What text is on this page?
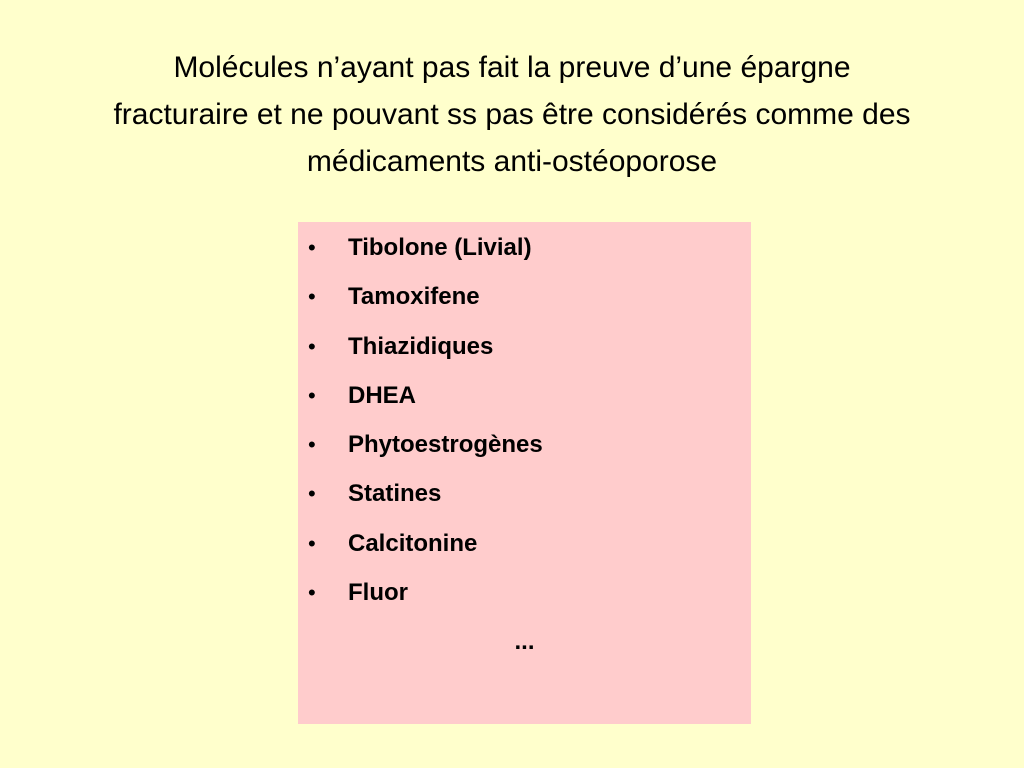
Molécules n’ayant pas fait la preuve d’une épargne
fracturaire et ne pouvant ss pas être considérés comme des
médicaments anti-ostéoporose
•	Tibolone (Livial)
•	Tamoxifene
•	Thiazidiques
•	DHEA
•	Phytoestrogènes
•	Statines
•	Calcitonine
•	Fluor
...
